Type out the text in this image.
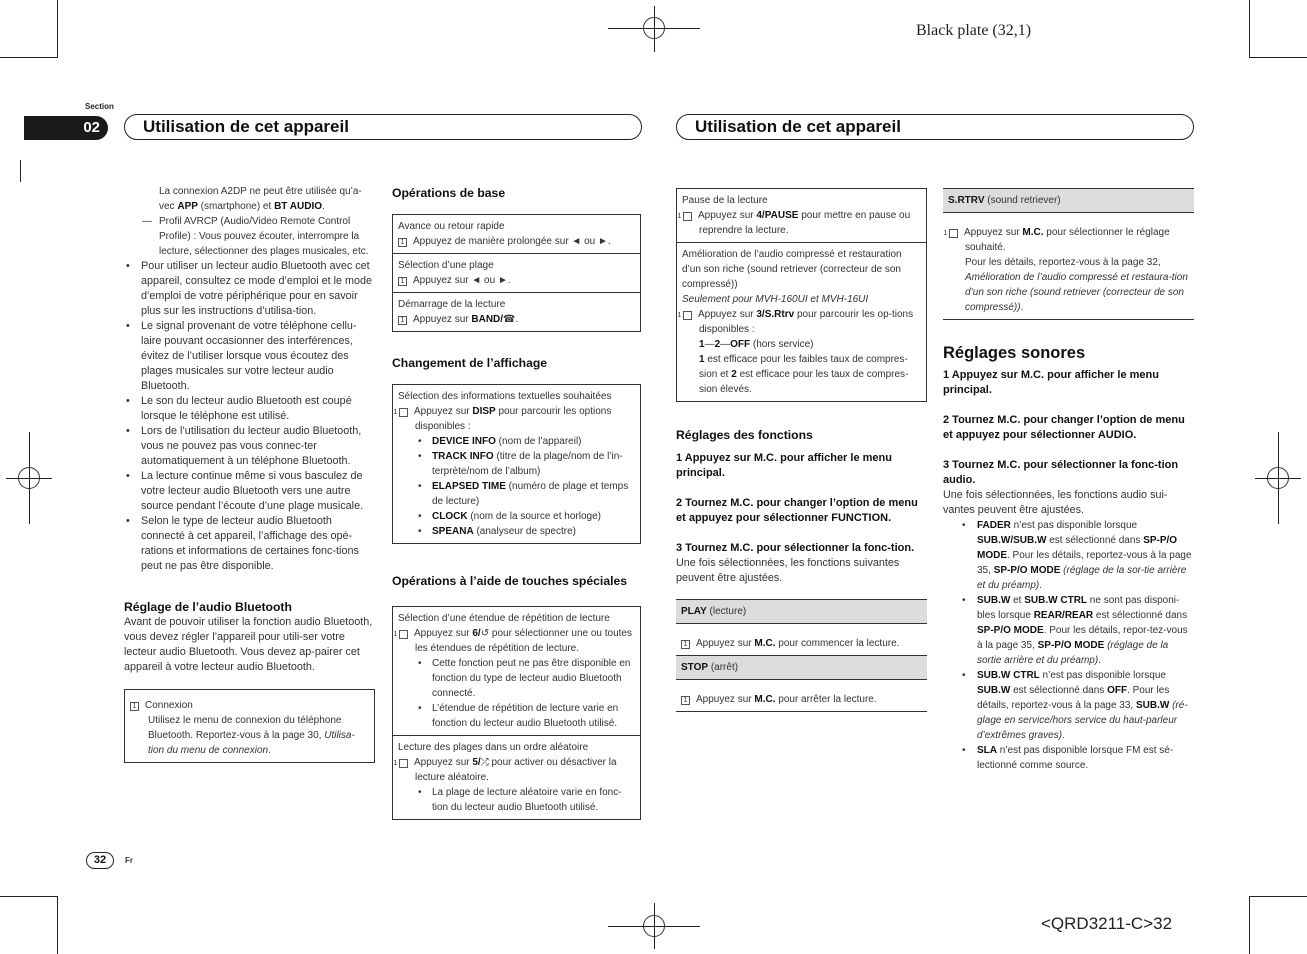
Black plate (32,1)
<QRD3211-C>32
Section
02	Utilisation de cet appareil	Utilisation de cet appareil

La connexion A2DP ne peut être utilisée qu’a-vec APP (smartphone) et BT AUDIO.

— Profil AVRCP (Audio/Video Remote Control Profile) : Vous pouvez écouter, interrompre la lecture, sélectionner des plages musicales, etc.
• Pour utiliser un lecteur audio Bluetooth avec cet appareil, consultez ce mode d’emploi et le mode d’emploi de votre périphérique pour en savoir plus sur les instructions d’utilisa-tion.
• Le signal provenant de votre téléphone cellu-laire pouvant occasionner des interférences, évitez de l’utiliser lorsque vous écoutez des plages musicales sur votre lecteur audio Bluetooth.
• Le son du lecteur audio Bluetooth est coupé lorsque le téléphone est utilisé.
• Lors de l’utilisation du lecteur audio Bluetooth, vous ne pouvez pas vous connec-ter automatiquement à un téléphone Bluetooth.
• La lecture continue même si vous basculez de votre lecteur audio Bluetooth vers une autre source pendant l’écoute d’une plage musicale.
• Selon le type de lecteur audio Bluetooth connecté à cet appareil, l’affichage des opé-rations et informations de certaines fonc-tions peut ne pas être disponible.

Réglage de l’audio Bluetooth

Avant de pouvoir utiliser la fonction audio Bluetooth, vous devez régler l’appareil pour utili-ser votre lecteur audio Bluetooth. Vous devez ap-pairer cet appareil à votre lecteur audio Bluetooth.

1 Connexion
Utilisez le menu de connexion du téléphone Bluetooth. Reportez-vous à la page 30, Utilisa-tion du menu de connexion.

Opérations de base

Avance ou retour rapide
1 Appuyez de manière prolongée sur ◄ ou ►.
Sélection d’une plage
1 Appuyez sur ◄ ou ►.
Démarrage de la lecture
1 Appuyez sur BAND/☎.

Changement de l’affichage

Sélection des informations textuelles souhaitées
1 Appuyez sur DISP pour parcourir les options disponibles :
• DEVICE INFO (nom de l’appareil)
• TRACK INFO (titre de la plage/nom de l’in-terprète/nom de l’album)
• ELAPSED TIME (numéro de plage et temps de lecture)
• CLOCK (nom de la source et horloge)
• SPEANA (analyseur de spectre)

Opérations à l’aide de touches spéciales

Sélection d’une étendue de répétition de lecture
1 Appuyez sur 6/↺ pour sélectionner une ou toutes les étendues de répétition de lecture.
• Cette fonction peut ne pas être disponible en fonction du type de lecteur audio Bluetooth connecté.
• L’étendue de répétition de lecture varie en fonction du lecteur audio Bluetooth utilisé.
Lecture des plages dans un ordre aléatoire
1 Appuyez sur 5/⤮ pour activer ou désactiver la lecture aléatoire.
• La plage de lecture aléatoire varie en fonc-tion du lecteur audio Bluetooth utilisé.
Pause de la lecture
1 Appuyez sur 4/PAUSE pour mettre en pause ou reprendre la lecture.
Amélioration de l’audio compressé et restauration d’un son riche (sound retriever (correcteur de son compressé))
Seulement pour MVH-160UI et MVH-16UI
1 Appuyez sur 3/S.Rtrv pour parcourir les op-tions disponibles :
1—2—OFF (hors service)
1 est efficace pour les faibles taux de compres-sion et 2 est efficace pour les taux de compres-sion élevés.

Réglages des fonctions

1 Appuyez sur M.C. pour afficher le menu principal.

2 Tournez M.C. pour changer l’option de menu et appuyez pour sélectionner FUNCTION.

3 Tournez M.C. pour sélectionner la fonc-tion.

Une fois sélectionnées, les fonctions suivantes peuvent être ajustées.

PLAY (lecture)
1 Appuyez sur M.C. pour commencer la lecture.
STOP (arrêt)
1 Appuyez sur M.C. pour arrêter la lecture.
S.RTRV (sound retriever)
1 Appuyez sur M.C. pour sélectionner le réglage souhaité.
Pour les détails, reportez-vous à la page 32, Amélioration de l’audio compressé et restaura-tion d’un son riche (sound retriever (correcteur de son compressé)).

Réglages sonores

1 Appuyez sur M.C. pour afficher le menu principal.

2 Tournez M.C. pour changer l’option de menu et appuyez pour sélectionner AUDIO.

3 Tournez M.C. pour sélectionner la fonc-tion audio.

Une fois sélectionnées, les fonctions audio sui-vantes peuvent être ajustées.

• FADER n’est pas disponible lorsque SUB.W/SUB.W est sélectionné dans SP-P/O MODE. Pour les détails, reportez-vous à la page 35, SP-P/O MODE (réglage de la sor-tie arrière et du préamp).
• SUB.W et SUB.W CTRL ne sont pas disponi-bles lorsque REAR/REAR est sélectionné dans SP-P/O MODE. Pour les détails, repor-tez-vous à la page 35, SP-P/O MODE (réglage de la sortie arrière et du préamp).
• SUB.W CTRL n’est pas disponible lorsque SUB.W est sélectionné dans OFF. Pour les détails, reportez-vous à la page 33, SUB.W (ré-glage en service/hors service du haut-parleur d’extrêmes graves).
• SLA n’est pas disponible lorsque FM est sé-lectionné comme source.
32	Fr
